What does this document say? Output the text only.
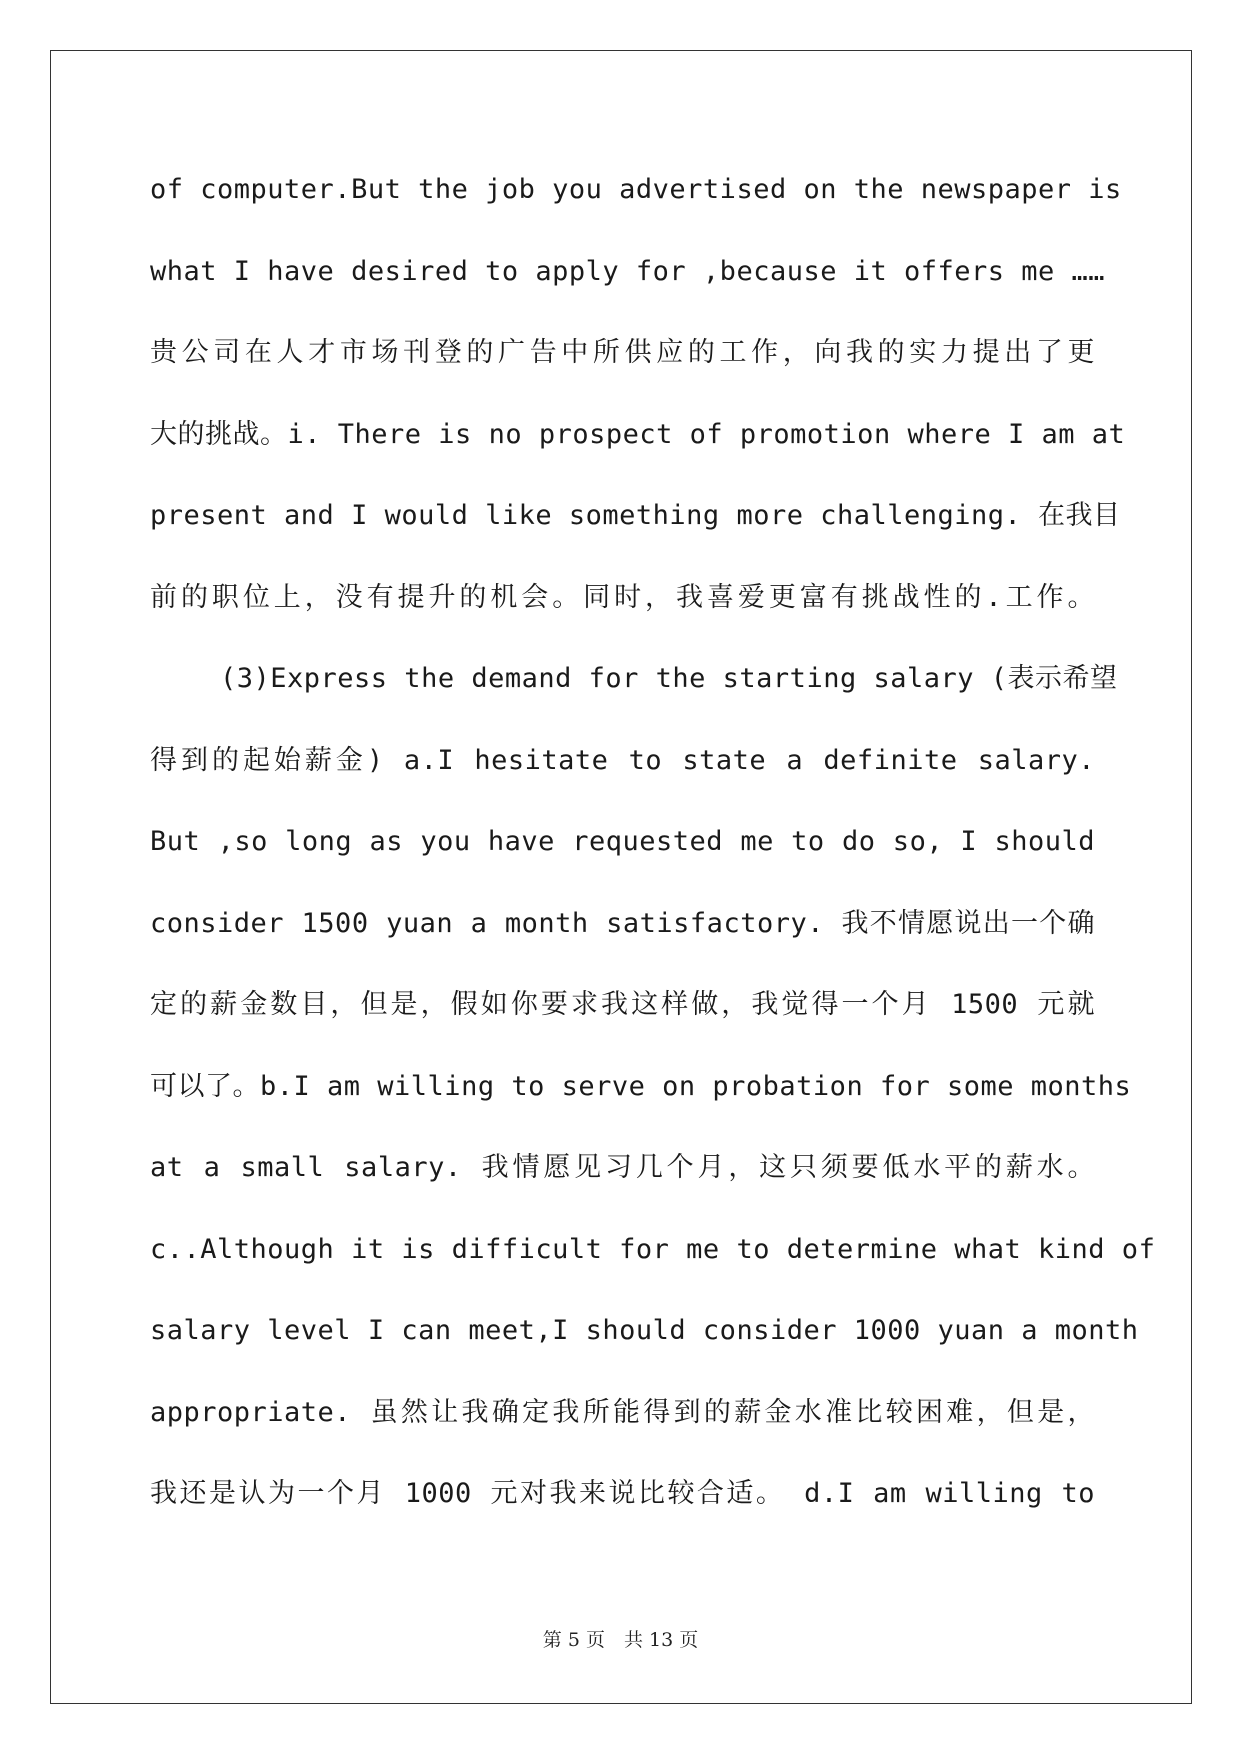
of computer.But the job you advertised on the newspaper is
what I have desired to apply for ,because it offers me ……
贵公司在人才市场刊登的广告中所供应的工作，向我的实力提出了更
大的挑战。i. There is no prospect of promotion where I am at
present and I would like something more challenging. 在我目
前的职位上，没有提升的机会。同时，我喜爱更富有挑战性的.工作。
(3)Express the demand for the starting salary (表示希望
得到的起始薪金) a.I hesitate to state a definite salary.
But ,so long as you have requested me to do so, I should
consider 1500 yuan a month satisfactory. 我不情愿说出一个确
定的薪金数目，但是，假如你要求我这样做，我觉得一个月 1500 元就
可以了。b.I am willing to serve on probation for some months
at a small salary. 我情愿见习几个月，这只须要低水平的薪水。
c..Although it is difficult for me to determine what kind of
salary level I can meet,I should consider 1000 yuan a month
appropriate. 虽然让我确定我所能得到的薪金水准比较困难，但是，
我还是认为一个月 1000 元对我来说比较合适。 d.I am willing to
第 5 页　共 13 页
